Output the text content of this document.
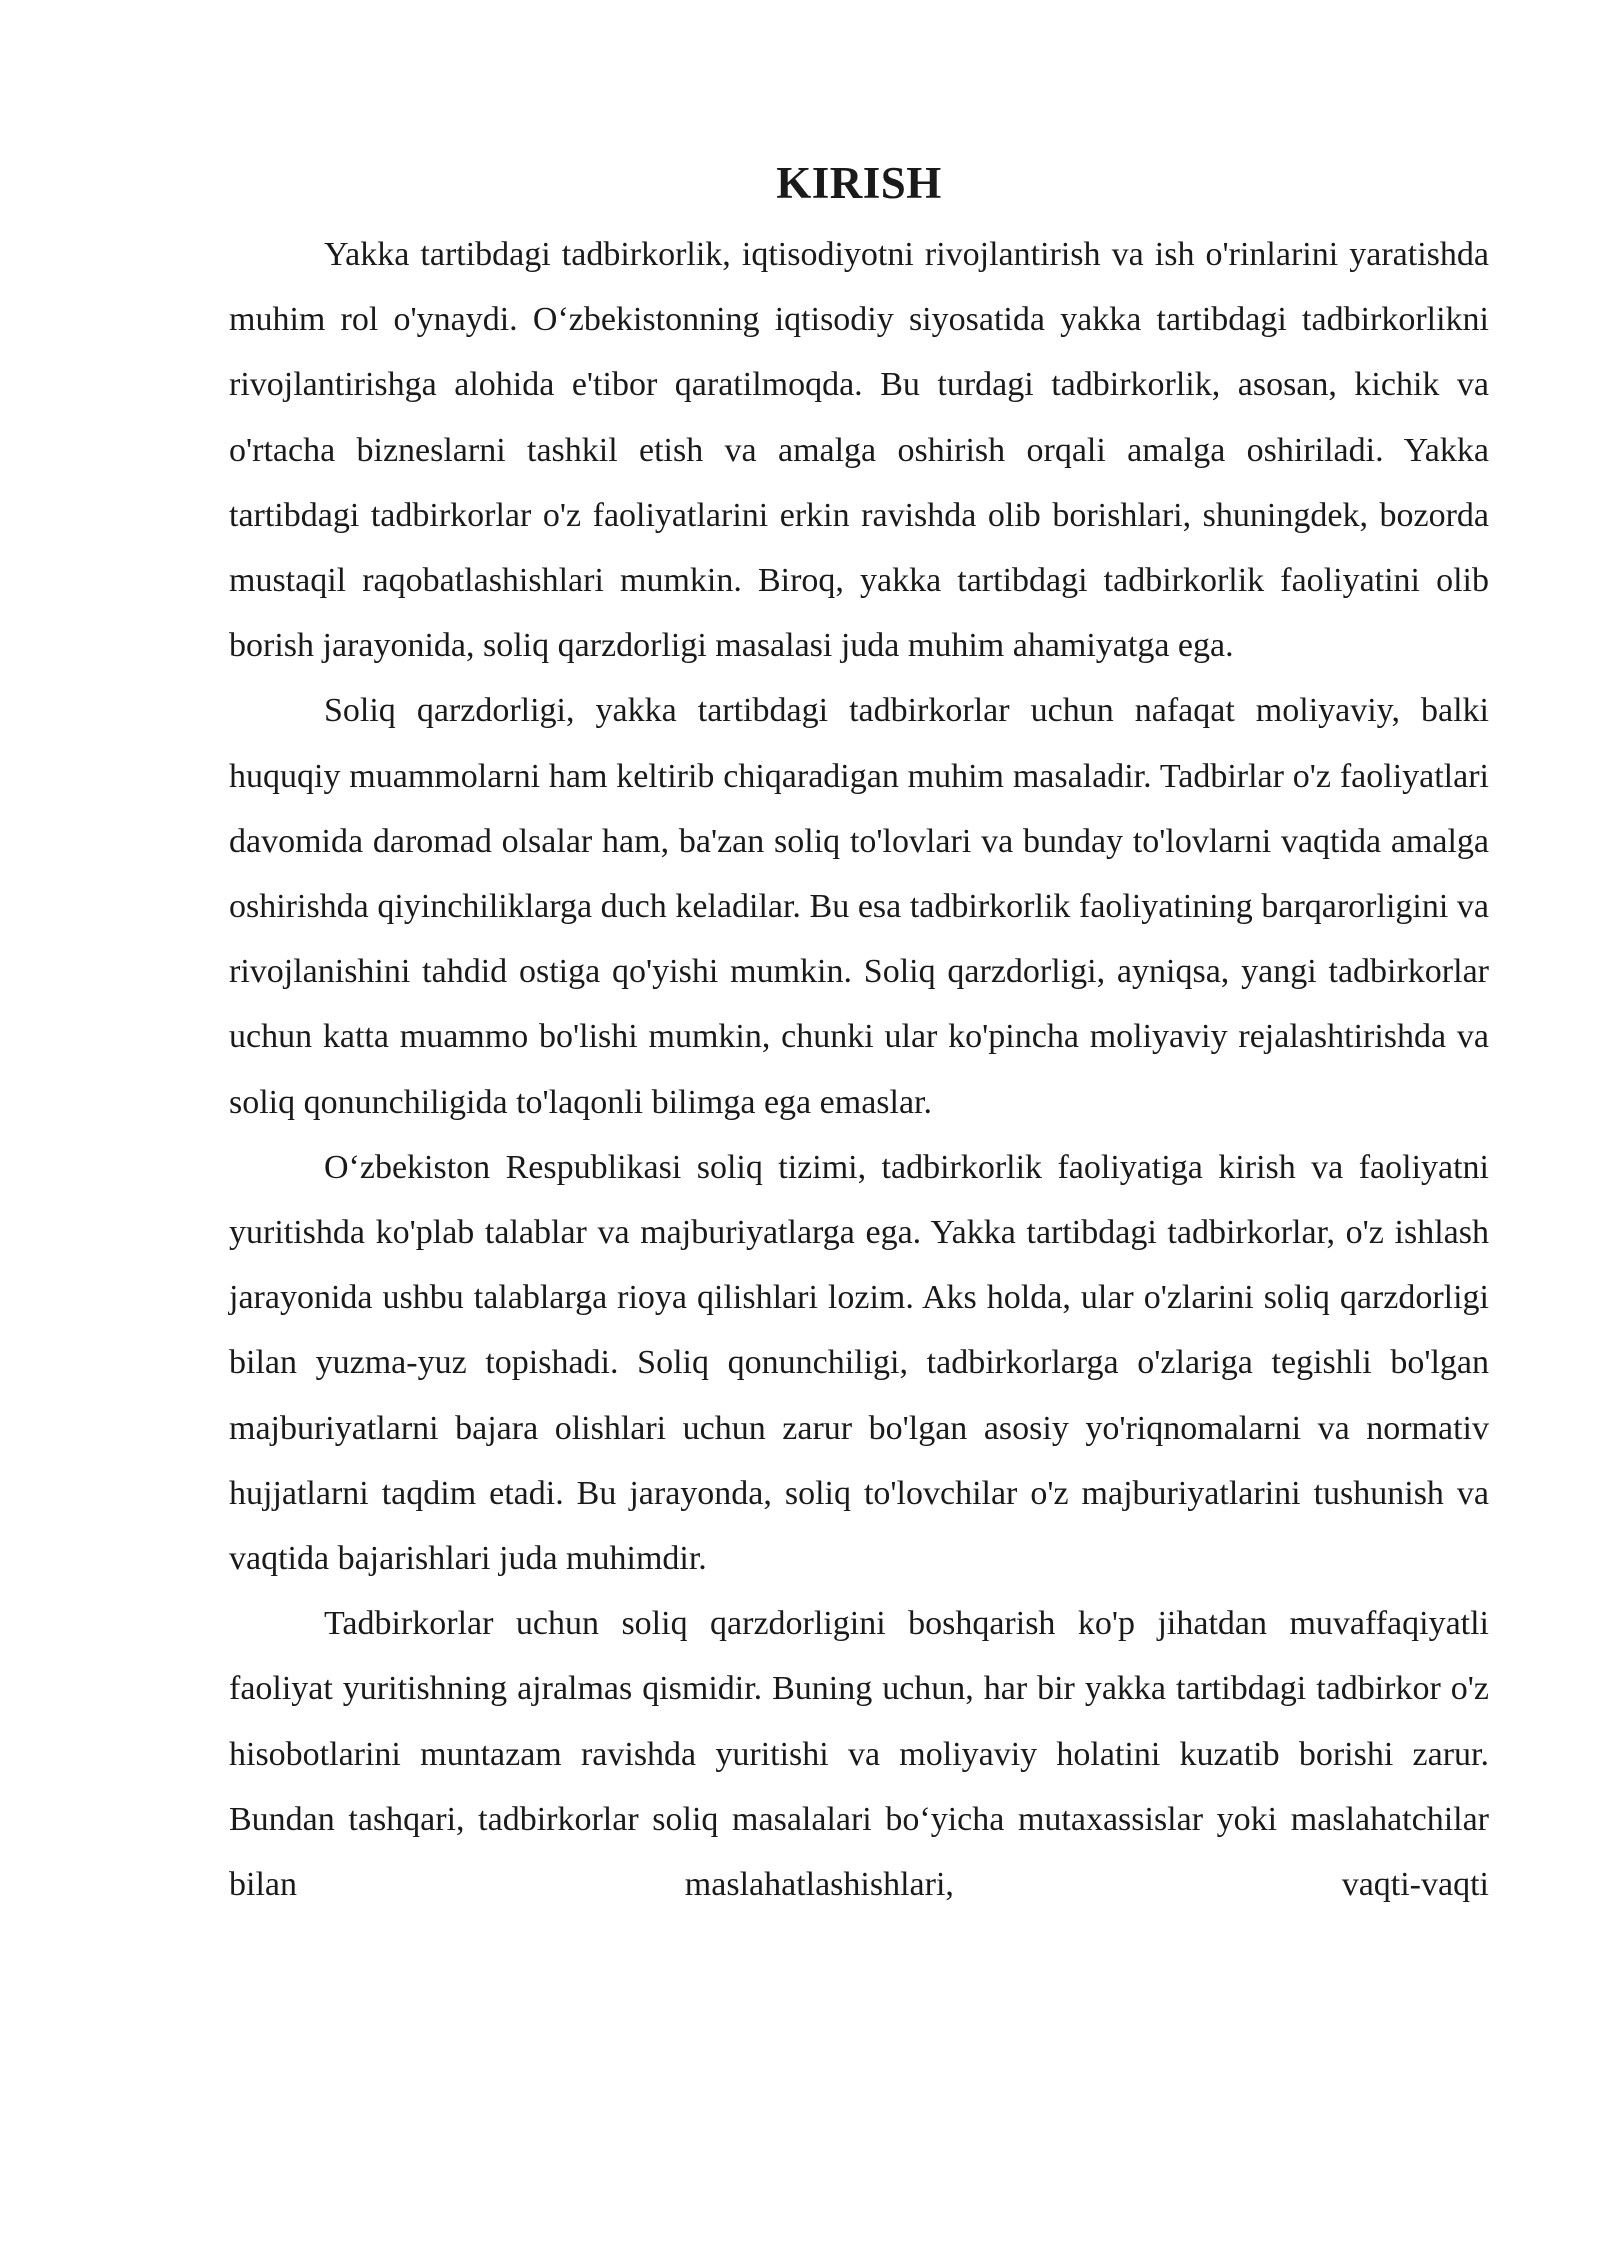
KIRISH

Yakka tartibdagi tadbirkorlik, iqtisodiyotni rivojlantirish va ish o'rinlarini yaratishda muhim rol o'ynaydi. O‘zbekistonning iqtisodiy siyosatida yakka tartibdagi tadbirkorlikni rivojlantirishga alohida e'tibor qaratilmoqda. Bu turdagi tadbirkorlik, asosan, kichik va o'rtacha bizneslarni tashkil etish va amalga oshirish orqali amalga oshiriladi. Yakka tartibdagi tadbirkorlar o'z faoliyatlarini erkin ravishda olib borishlari, shuningdek, bozorda mustaqil raqobatlashishlari mumkin. Biroq, yakka tartibdagi tadbirkorlik faoliyatini olib borish jarayonida, soliq qarzdorligi masalasi juda muhim ahamiyatga ega.

Soliq qarzdorligi, yakka tartibdagi tadbirkorlar uchun nafaqat moliyaviy, balki huquqiy muammolarni ham keltirib chiqaradigan muhim masaladir. Tadbirlar o'z faoliyatlari davomida daromad olsalar ham, ba'zan soliq to'lovlari va bunday to'lovlarni vaqtida amalga oshirishda qiyinchiliklarga duch keladilar. Bu esa tadbirkorlik faoliyatining barqarorligini va rivojlanishini tahdid ostiga qo'yishi mumkin. Soliq qarzdorligi, ayniqsa, yangi tadbirkorlar uchun katta muammo bo'lishi mumkin, chunki ular ko'pincha moliyaviy rejalashtirishda va soliq qonunchiligida to'laqonli bilimga ega emaslar.

O‘zbekiston Respublikasi soliq tizimi, tadbirkorlik faoliyatiga kirish va faoliyatni yuritishda ko'plab talablar va majburiyatlarga ega. Yakka tartibdagi tadbirkorlar, o'z ishlash jarayonida ushbu talablarga rioya qilishlari lozim. Aks holda, ular o'zlarini soliq qarzdorligi bilan yuzma-yuz topishadi. Soliq qonunchiligi, tadbirkorlarga o'zlariga tegishli bo'lgan majburiyatlarni bajara olishlari uchun zarur bo'lgan asosiy yo'riqnomalarni va normativ hujjatlarni taqdim etadi. Bu jarayonda, soliq to'lovchilar o'z majburiyatlarini tushunish va vaqtida bajarishlari juda muhimdir.

Tadbirkorlar uchun soliq qarzdorligini boshqarish ko'p jihatdan muvaffaqiyatli faoliyat yuritishning ajralmas qismidir. Buning uchun, har bir yakka tartibdagi tadbirkor o'z hisobotlarini muntazam ravishda yuritishi va moliyaviy holatini kuzatib borishi zarur. Bundan tashqari, tadbirkorlar soliq masalalari bo‘yicha mutaxassislar yoki maslahatchilar bilan maslahatlashishlari, vaqti-vaqti
